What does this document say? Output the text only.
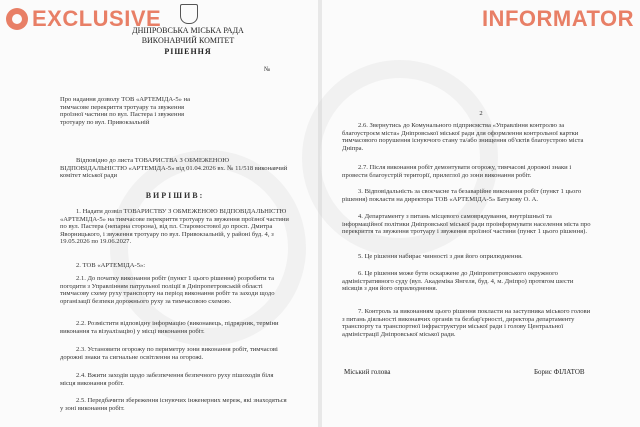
EXCLUSIVE
ДНІПРОВСЬКА МІСЬКА РАДА
ВИКОНАВЧИЙ КОМІТЕТ
РІШЕННЯ
№
Про надання дозволу ТОВ «АРТЕМІДА-5» на тимчасове перекриття тротуару та звуження проїзної частини по вул. Пастера і звуження тротуару по вул. Привокзальній
Відповідно до листа ТОВАРИСТВА З ОБМЕЖЕНОЮ ВІДПОВІДАЛЬНІСТЮ «АРТЕМІДА-5» від 01.04.2026 вх. № 11/518 виконавчий комітет міської ради
ВИРІШИВ:
1. Надати дозвіл ТОВАРИСТВУ З ОБМЕЖЕНОЮ ВІДПОВІДАЛЬНІСТЮ «АРТЕМІДА-5» на тимчасове перекриття тротуару та звуження проїзної частини по вул. Пастера (непарна сторона), від пл. Старомостової до просп. Дмитра Яворницького, і звуження тротуару по вул. Привокзальній, у районі буд. 4, з 19.05.2026 по 19.06.2027.
2. ТОВ «АРТЕМІДА-5»:
2.1. До початку виконання робіт (пункт 1 цього рішення) розробити та погодити з Управлінням патрульної поліції в Дніпропетровській області тимчасову схему руху транспорту на період виконання робіт та заходи щодо організації безпеки дорожнього руху за тимчасовою схемою.
2.2. Розмістити відповідну інформацію (виконавець, підрядник, терміни виконання та візуалізацію) у місці виконання робіт.
2.3. Установити огорожу по периметру зони виконання робіт, тимчасові дорожні знаки та сигнальне освітлення на огорожі.
2.4. Вжити заходів щодо забезпечення безпечного руху пішоходів біля місця виконання робіт.
2.5. Передбачити збереження існуючих інженерних мереж, які знаходяться у зоні виконання робіт.
INFORMATOR
2
2.6. Звернутись до Комунального підприємства «Управління контролю за благоустроєм міста» Дніпровської міської ради для оформлення контрольної картки тимчасового порушення існуючого стану та/або знищення об'єктів благоустрою міста Дніпра.
2.7. Після виконання робіт демонтувати огорожу, тимчасові дорожні знаки і провести благоустрій території, прилеглої до зони виконання робіт.
3. Відповідальність за своєчасне та безаварійне виконання робіт (пункт 1 цього рішення) покласти на директора ТОВ «АРТЕМІДА-5» Батукову О. А.
4. Департаменту з питань місцевого самоврядування, внутрішньої та інформаційної політики Дніпровської міської ради проінформувати населення міста про перекриття та звуження тротуару і звуження проїзної частини (пункт 1 цього рішення).
5. Це рішення набирає чинності з дня його оприлюднення.
6. Це рішення може бути оскаржене до Дніпропетровського окружного адміністративного суду (вул. Академіка Янгеля, буд. 4, м. Дніпро) протягом шести місяців з дня його оприлюднення.
7. Контроль за виконанням цього рішення покласти на заступника міського голови з питань діяльності виконавчих органів та безбар'єрності, директора департаменту транспорту та транспортної інфраструктури міської ради і голову Центральної адміністрації Дніпровської міської ради.
Міський голова	Борис ФІЛАТОВ
